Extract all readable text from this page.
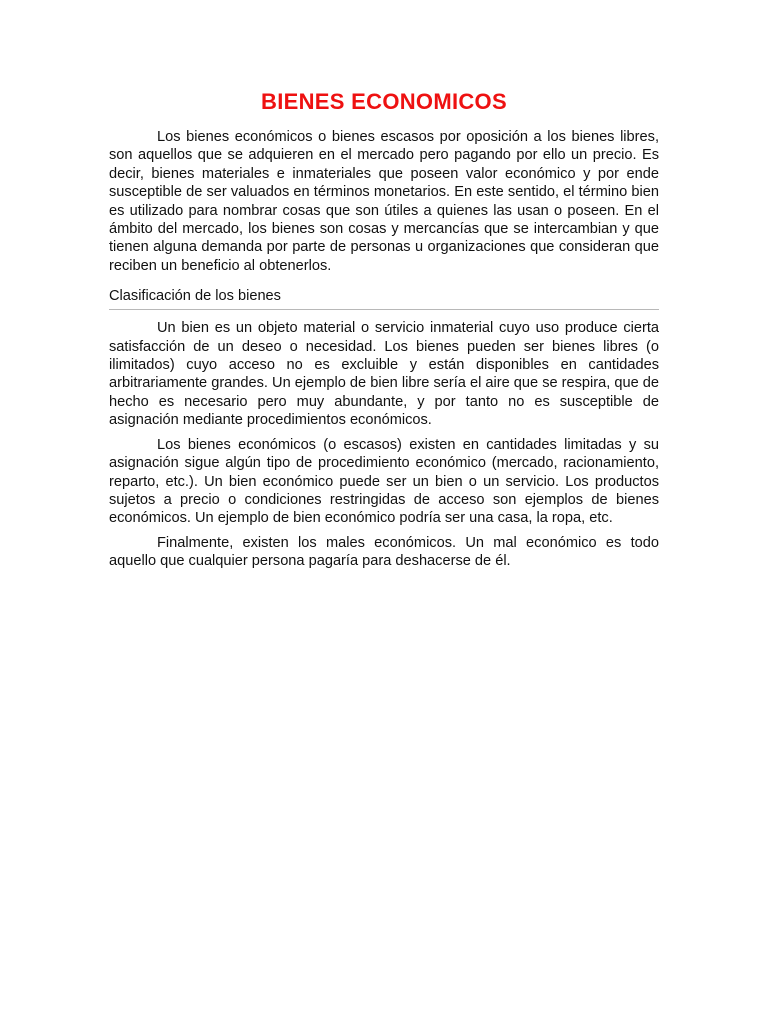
BIENES ECONOMICOS

Los bienes económicos o bienes escasos por oposición a los bienes libres, son aquellos que se adquieren en el mercado pero pagando por ello un precio. Es decir, bienes materiales e inmateriales que poseen valor económico y por ende susceptible de ser valuados en términos monetarios. En este sentido, el término bien es utilizado para nombrar cosas que son útiles a quienes las usan o poseen. En el ámbito del mercado, los bienes son cosas y mercancías que se intercambian y que tienen alguna demanda por parte de personas u organizaciones que consideran que reciben un beneficio al obtenerlos.

Clasificación de los bienes

Un bien es un objeto material o servicio inmaterial cuyo uso produce cierta satisfacción de un deseo o necesidad. Los bienes pueden ser bienes libres (o ilimitados) cuyo acceso no es excluible y están disponibles en cantidades arbitrariamente grandes. Un ejemplo de bien libre sería el aire que se respira, que de hecho es necesario pero muy abundante, y por tanto no es susceptible de asignación mediante procedimientos económicos.

Los bienes económicos (o escasos) existen en cantidades limitadas y su asignación sigue algún tipo de procedimiento económico (mercado, racionamiento, reparto, etc.). Un bien económico puede ser un bien o un servicio. Los productos sujetos a precio o condiciones restringidas de acceso son ejemplos de bienes económicos. Un ejemplo de bien económico podría ser una casa, la ropa, etc.

Finalmente, existen los males económicos. Un mal económico es todo aquello que cualquier persona pagaría para deshacerse de él.
